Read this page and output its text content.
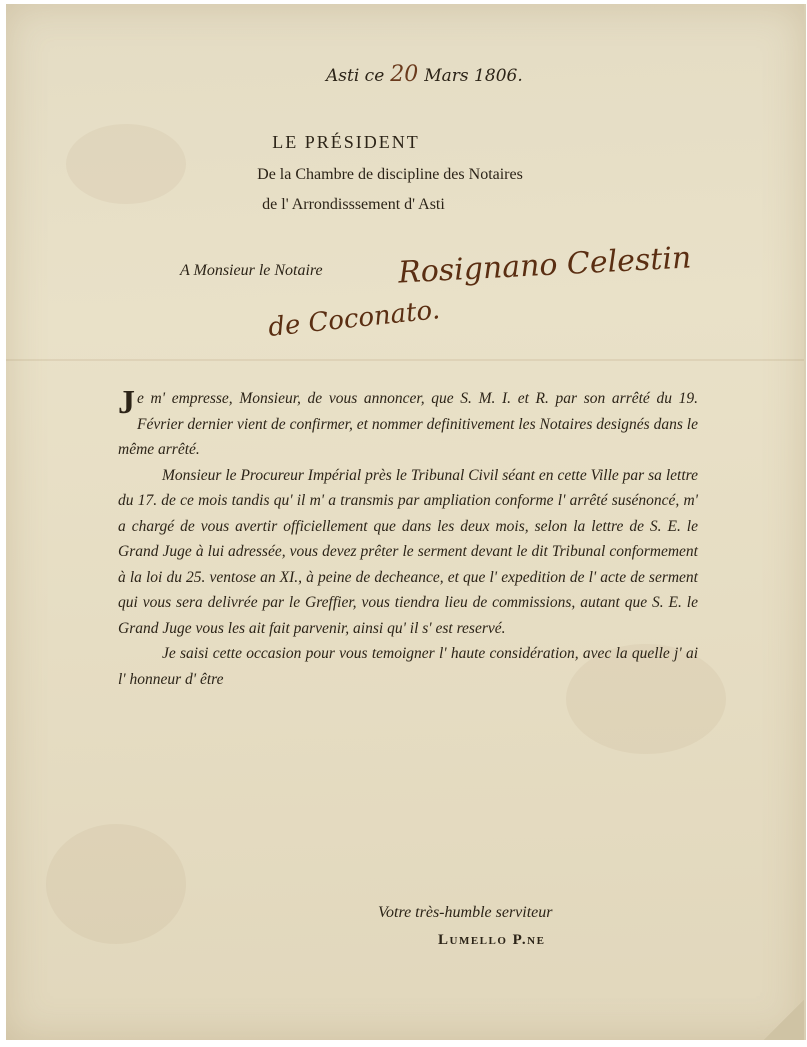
Asti ce 20 Mars 1806.
LE PRÉSIDENT
De la Chambre de discipline des Notaires
de l' Arrondisssement d' Asti
A Monsieur le Notaire Rosignano Celestin
de Coconato.

Je m' empresse, Monsieur, de vous annoncer, que S. M. I. et R. par son arrêté du 19. Février dernier vient de confirmer, et nommer definitivement les Notaires designés dans le même arrêté.

Monsieur le Procureur Impérial près le Tribunal Civil séant en cette Ville par sa lettre du 17. de ce mois tandis qu' il m' a transmis par ampliation conforme l' arrêté susénoncé, m' a chargé de vous avertir officiellement que dans les deux mois, selon la lettre de S. E. le Grand Juge à lui adressée, vous devez prêter le serment devant le dit Tribunal conformement à la loi du 25. ventose an XI., à peine de decheance, et que l' expedition de l' acte de serment qui vous sera delivrée par le Greffier, vous tiendra lieu de commissions, autant que S. E. le Grand Juge vous les ait fait parvenir, ainsi qu' il s' est reservé.

Je saisi cette occasion pour vous temoigner l' haute considération, avec la quelle j' ai l' honneur d' être

Votre très-humble serviteur
Lumello P.ne
